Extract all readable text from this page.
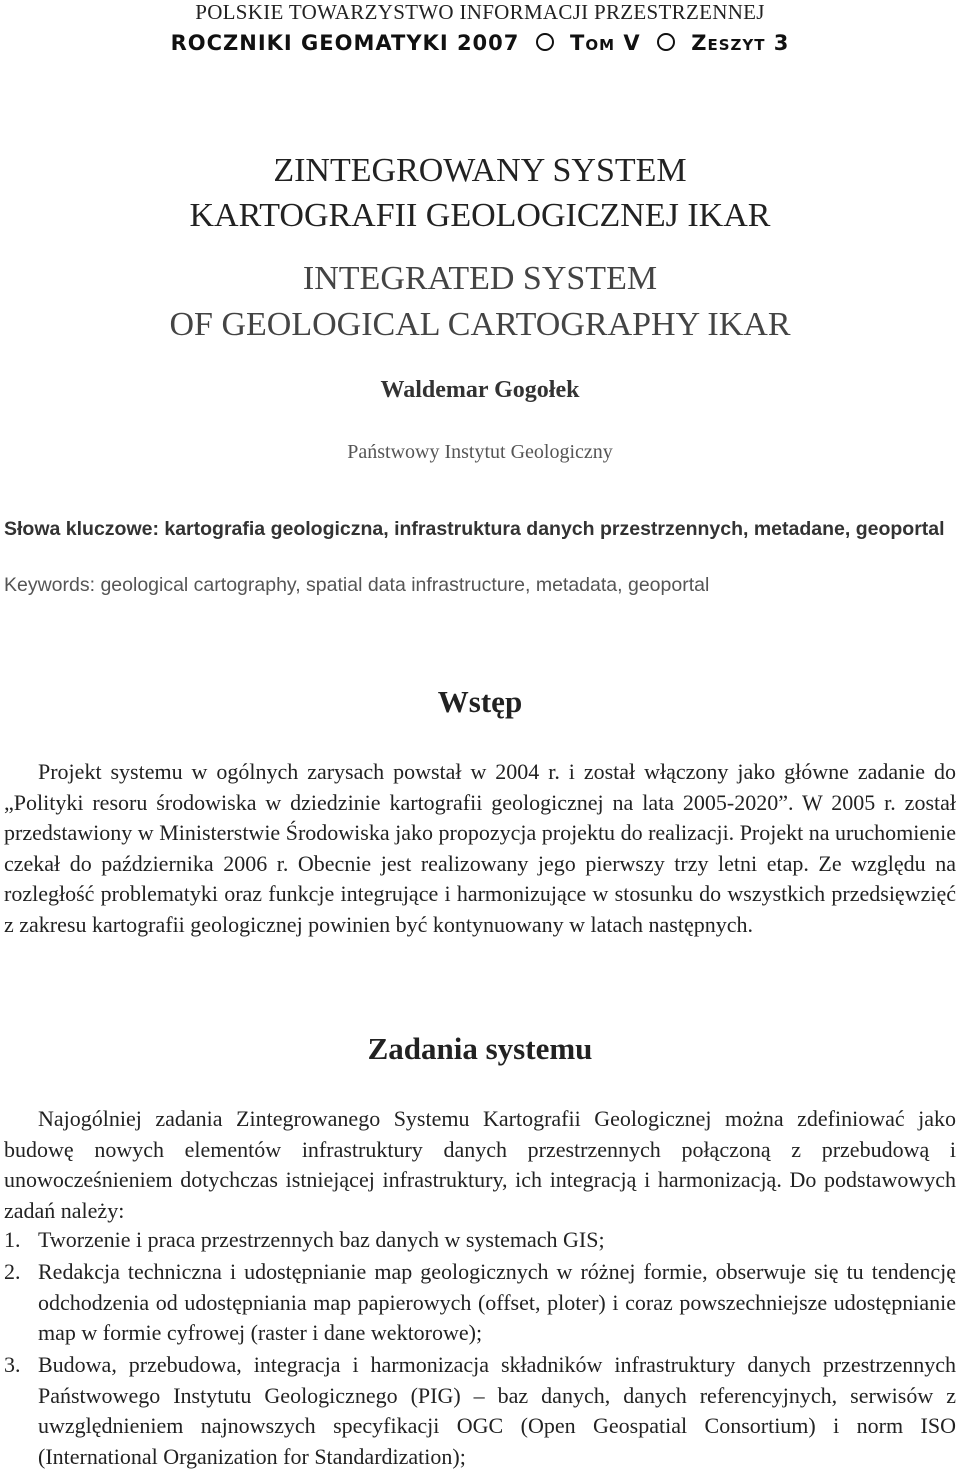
POLSKIE TOWARZYSTWO INFORMACJI PRZESTRZENNEJ
ROCZNIKI GEOMATYKI 2007 Tom V Zeszyt 3
ZINTEGROWANY SYSTEM
KARTOGRAFII GEOLOGICZNEJ IKAR
INTEGRATED SYSTEM
OF GEOLOGICAL CARTOGRAPHY IKAR
Waldemar Gogołek
Państwowy Instytut Geologiczny
Słowa kluczowe: kartografia geologiczna, infrastruktura danych przestrzennych, metadane, geoportal
Keywords: geological cartography, spatial data infrastructure, metadata, geoportal
Wstęp
Projekt systemu w ogólnych zarysach powstał w 2004 r. i został włączony jako główne zadanie do „Polityki resoru środowiska w dziedzinie kartografii geologicznej na lata 2005-2020”. W 2005 r. został przedstawiony w Ministerstwie Środowiska jako propozycja projektu do realizacji. Projekt na uruchomienie czekał do października 2006 r. Obecnie jest realizowany jego pierwszy trzy letni etap. Ze względu na rozległość problematyki oraz funkcje integrujące i harmonizujące w stosunku do wszystkich przedsięwzięć z zakresu kartografii geologicznej powinien być kontynuowany w latach następnych.
Zadania systemu
Najogólniej zadania Zintegrowanego Systemu Kartografii Geologicznej można zdefiniować jako budowę nowych elementów infrastruktury danych przestrzennych połączoną z przebudową i unowocześnieniem dotychczas istniejącej infrastruktury, ich integracją i harmonizacją. Do podstawowych zadań należy:
1. Tworzenie i praca przestrzennych baz danych w systemach GIS;
2. Redakcja techniczna i udostępnianie map geologicznych w różnej formie, obserwuje się tu tendencję odchodzenia od udostępniania map papierowych (offset, ploter) i coraz powszechniejsze udostępnianie map w formie cyfrowej (raster i dane wektorowe);
3. Budowa, przebudowa, integracja i harmonizacja składników infrastruktury danych przestrzennych Państwowego Instytutu Geologicznego (PIG) – baz danych, danych referencyjnych, serwisów z uwzględnieniem najnowszych specyfikacji OGC (Open Geospatial Consortium) i norm ISO (International Organization for Standardization);
